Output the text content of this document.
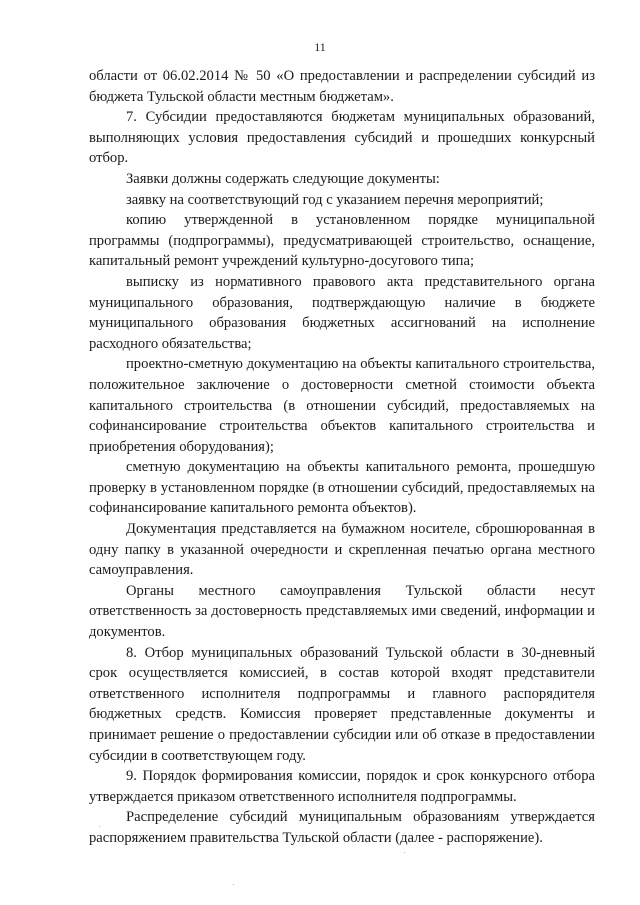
11

области от 06.02.2014 № 50 «О предоставлении и распределении субсидий из бюджета Тульской области местным бюджетам».

7. Субсидии предоставляются бюджетам муниципальных образований, выполняющих условия предоставления субсидий и прошедших конкурсный отбор.

Заявки должны содержать следующие документы:

заявку на соответствующий год с указанием перечня мероприятий;

копию утвержденной в установленном порядке муниципальной программы (подпрограммы), предусматривающей строительство, оснащение, капитальный ремонт учреждений культурно-досугового типа;

выписку из нормативного правового акта представительного органа муниципального образования, подтверждающую наличие в бюджете муниципального образования бюджетных ассигнований на исполнение расходного обязательства;

проектно-сметную документацию на объекты капитального строительства, положительное заключение о достоверности сметной стоимости объекта капитального строительства (в отношении субсидий, предоставляемых на софинансирование строительства объектов капитального строительства и приобретения оборудования);

сметную документацию на объекты капитального ремонта, прошедшую проверку в установленном порядке (в отношении субсидий, предоставляемых на софинансирование капитального ремонта объектов).

Документация представляется на бумажном носителе, сброшюрованная в одну папку в указанной очередности и скрепленная печатью органа местного самоуправления.

Органы местного самоуправления Тульской области несут ответственность за достоверность представляемых ими сведений, информации и документов.

8. Отбор муниципальных образований Тульской области в 30-дневный срок осуществляется комиссией, в состав которой входят представители ответственного исполнителя подпрограммы и главного распорядителя бюджетных средств. Комиссия проверяет представленные документы и принимает решение о предоставлении субсидии или об отказе в предоставлении субсидии в соответствующем году.

9. Порядок формирования комиссии, порядок и срок конкурсного отбора утверждается приказом ответственного исполнителя подпрограммы.

Распределение субсидий муниципальным образованиям утверждается распоряжением правительства Тульской области (далее - распоряжение).
